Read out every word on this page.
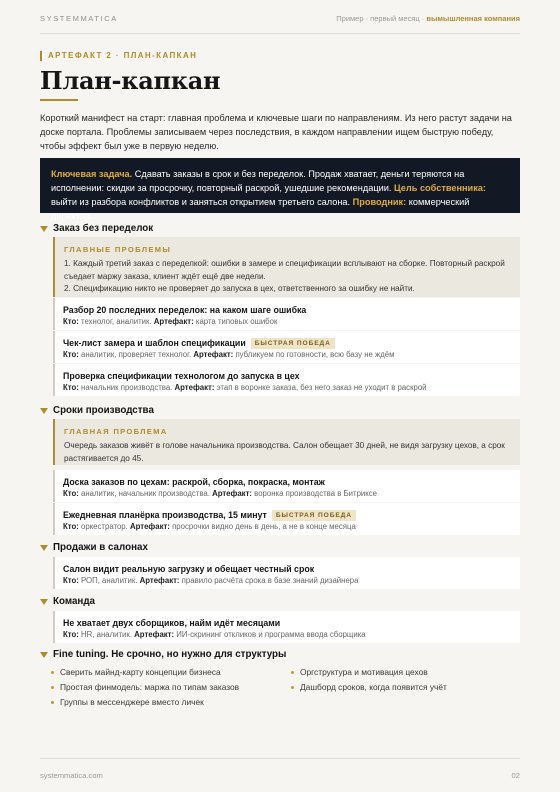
SYSTEMMATICA	Пример · первый месяц · вымышленная компания
АРТЕФАКТ 2 · ПЛАН-КАПКАН
План-капкан

Короткий манифест на старт: главная проблема и ключевые шаги по направлениям. Из него растут задачи на доске портала. Проблемы записываем через последствия, в каждом направлении ищем быструю победу, чтобы эффект был уже в первую неделю.

Ключевая задача. Сдавать заказы в срок и без переделок. Продаж хватает, деньги теряются на исполнении: скидки за просрочку, повторный раскрой, ушедшие рекомендации. Цель собственника: выйти из разбора конфликтов и заняться открытием третьего салона. Проводник: коммерческий директор.
Заказ без переделок
ГЛАВНЫЕ ПРОБЛЕМЫ
1. Каждый третий заказ с переделкой: ошибки в замере и спецификации всплывают на сборке. Повторный раскрой съедает маржу заказа, клиент ждёт ещё две недели.
2. Спецификацию никто не проверяет до запуска в цех, ответственного за ошибку не найти.
Разбор 20 последних переделок: на каком шаге ошибка
Кто: технолог, аналитик. Артефакт: карта типовых ошибок
Чек-лист замера и шаблон спецификации БЫСТРАЯ ПОБЕДА
Кто: аналитик, проверяет технолог. Артефакт: публикуем по готовности, всю базу не ждём
Проверка спецификации технологом до запуска в цех
Кто: начальник производства. Артефакт: этап в воронке заказа, без него заказ не уходит в раскрой
Сроки производства
ГЛАВНАЯ ПРОБЛЕМА
Очередь заказов живёт в голове начальника производства. Салон обещает 30 дней, не видя загрузку цехов, а срок растягивается до 45.
Доска заказов по цехам: раскрой, сборка, покраска, монтаж
Кто: аналитик, начальник производства. Артефакт: воронка производства в Битриксе
Ежедневная планёрка производства, 15 минут БЫСТРАЯ ПОБЕДА
Кто: оркестратор. Артефакт: просрочки видно день в день, а не в конце месяца
Продажи в салонах
Салон видит реальную загрузку и обещает честный срок
Кто: РОП, аналитик. Артефакт: правило расчёта срока в базе знаний дизайнера
Команда
Не хватает двух сборщиков, найм идёт месяцами
Кто: HR, аналитик. Артефакт: ИИ-скрининг откликов и программа ввода сборщика
Fine tuning. Не срочно, но нужно для структуры
Сверить майнд-карту концепции бизнеса
Простая финмодель: маржа по типам заказов
Группы в мессенджере вместо личек
Оргструктура и мотивация цехов
Дашборд сроков, когда появится учёт
systemmatica.com	02
